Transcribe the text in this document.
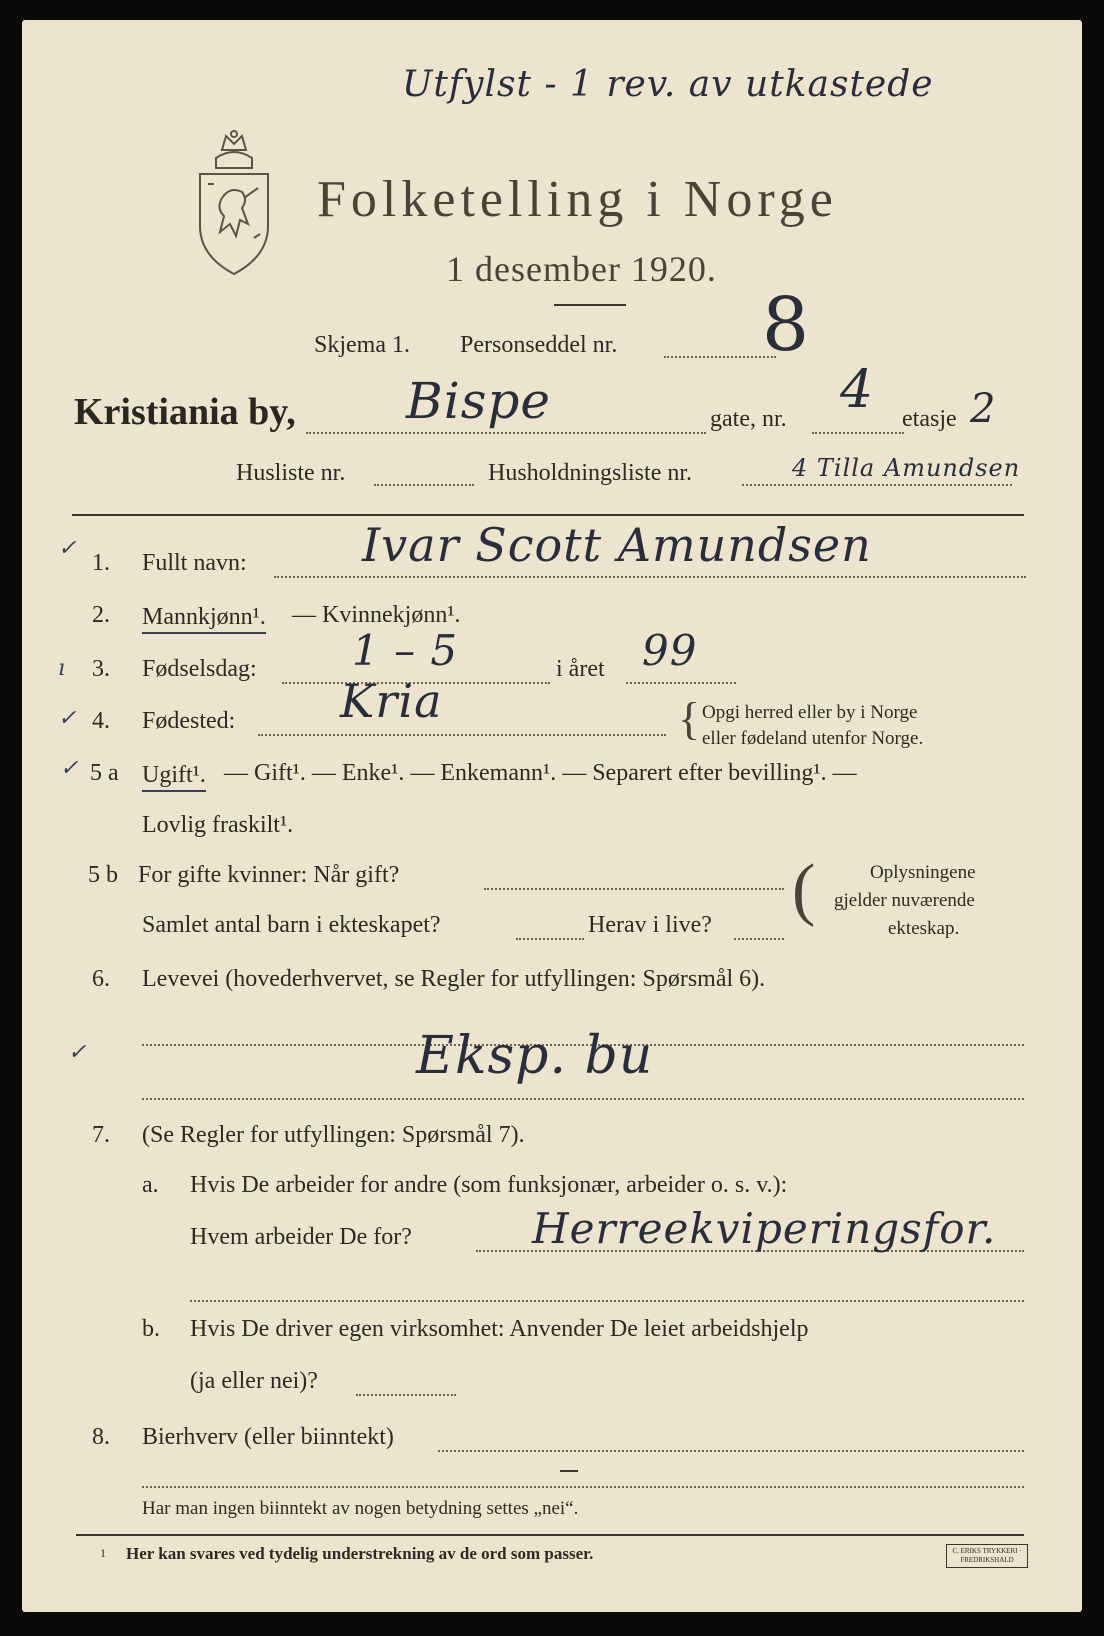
Utfylst - 1 rev. av utkastede
Folketelling i Norge
1 desember 1920.
Skjema 1. Personseddel nr. 8
Kristiania by, Bispe	gate, nr. 4 etasje 2
Husliste nr.	Husholdningsliste nr.	4 Tilla Amundsen
✓
1. Fullt navn:	Ivar Scott Amundsen
2. Mannkjønn¹. — Kvinnekjønn¹.
ı 3. Fødselsdag: 1 – 5	i året 99
✓ 4. Fødested: Kria	{ Opgi herred eller by i Norge
eller fødeland utenfor Norge.
✓ 5 a Ugift¹. — Gift¹. — Enke¹. — Enkemann¹. — Separert efter bevilling¹. —
Lovlig fraskilt¹.
5 b For gifte kvinner: Når gift?
Samlet antal barn i ekteskapet?	Herav i live? (	Oplysningene
gjelder nuværende
ekteskap.
6. Levevei (hovederhvervet, se Regler for utfyllingen: Spørsmål 6).
✓	Eksp. bu
7. (Se Regler for utfyllingen: Spørsmål 7).
a. Hvis De arbeider for andre (som funksjonær, arbeider o. s. v.):
Hvem arbeider De for?	Herreekviperingsfor.
b. Hvis De driver egen virksomhet: Anvender De leiet arbeidshjelp
(ja eller nei)?
8. Bierhverv (eller biinntekt)
Har man ingen biinntekt av nogen betydning settes „nei“.
1 Her kan svares ved tydelig understrekning av de ord som passer.	C. ERIKS TRYKKERI · FREDRIKSHALD
